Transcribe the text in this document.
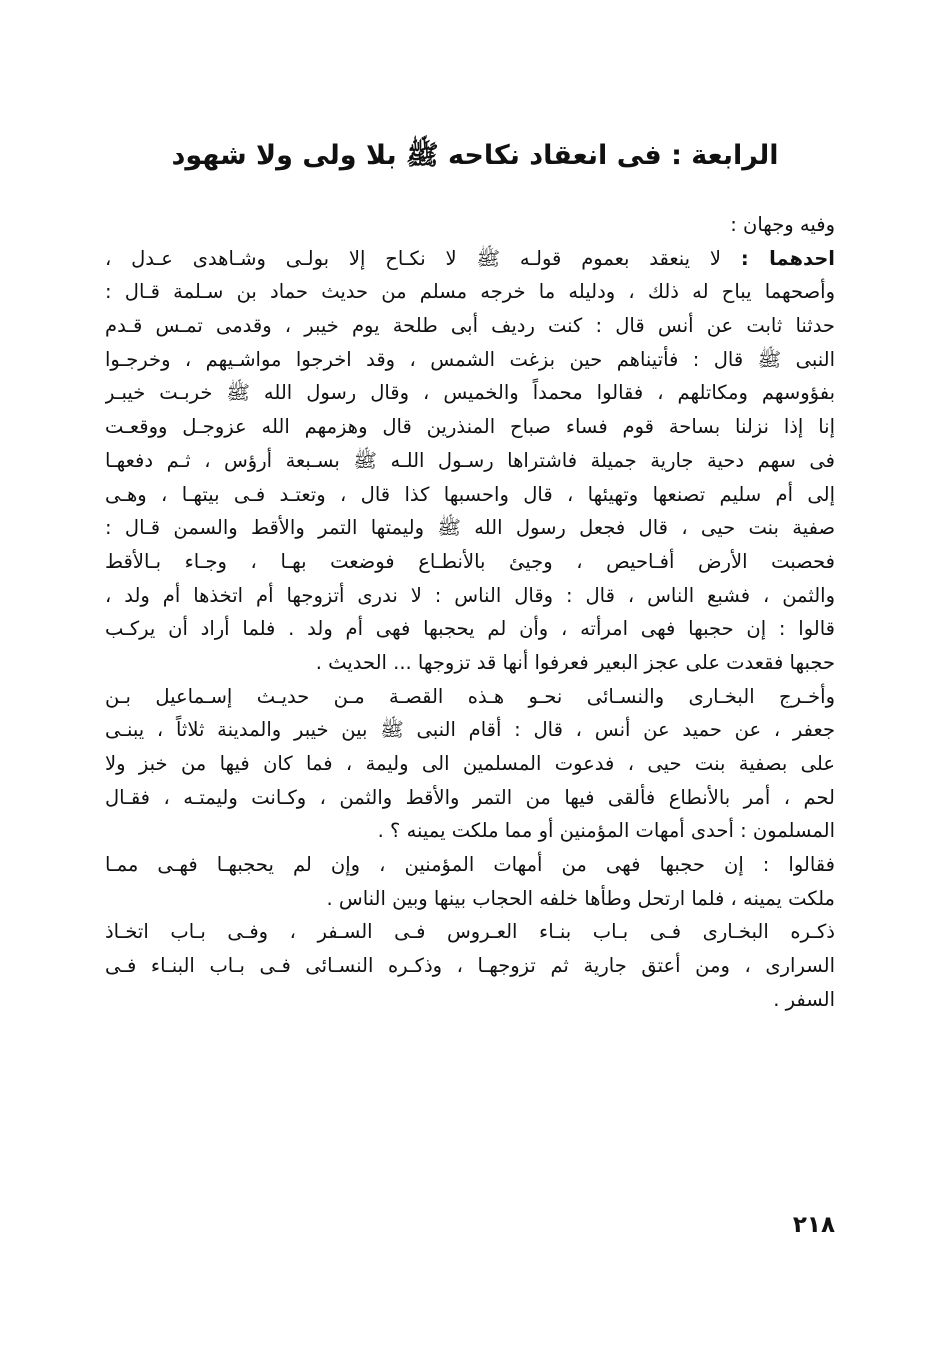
الرابعة : فى انعقاد نكاحه ﷺ بلا ولى ولا شهود
وفيه وجهان :
احدهما : لا ينعقد بعموم قولـه ﷺ لا نكـاح إلا بولـى وشـاهدى عـدل ،
وأصحهما يباح له ذلك ، ودليله ما خرجه مسلم من حديث حماد بن سـلمة قـال :
حدثنا ثابت عن أنس قال : كنت رديف أبى طلحة يوم خيبر ، وقدمى تمـس قـدم
النبى ﷺ قال : فأتيناهم حين بزغت الشمس ، وقد اخرجوا مواشـيهم ، وخرجـوا
بفؤوسهم ومكاتلهم ، فقالوا محمداً والخميس ، وقال رسول الله ﷺ خربـت خيبـر
إنا إذا نزلنا بساحة قوم فساء صباح المنذرين قال وهزمهم الله عزوجـل ووقعـت
فى سهم دحية جارية جميلة فاشتراها رسـول اللـه ﷺ بسـبعة أرؤس ، ثـم دفعهـا
إلى أم سليم تصنعها وتهيئها ، قال واحسبها كذا قال ، وتعتـد فـى بيتهـا ، وهـى
صفية بنت حيى ، قال فجعل رسول الله ﷺ وليمتها التمر والأقط والسمن قـال :
فحصبت الأرض أفـاحيص ، وجيئ بالأنطـاع فوضعت بهـا ، وجـاء بـالأقط
والثمن ، فشبع الناس ، قال : وقال الناس : لا ندرى أتزوجها أم اتخذها أم ولد ،
قالوا : إن حجبها فهى امرأته ، وأن لم يحجبها فهى أم ولد . فلما أراد أن يركـب
حجبها فقعدت على عجز البعير فعرفوا أنها قد تزوجها ... الحديث .
وأخـرج البخـارى والنسـائى نحـو هـذه القصـة مـن حديـث إسـماعيل بـن
جعفر ، عن حميد عن أنس ، قال : أقام النبى ﷺ بين خيبر والمدينة ثلاثاً ، يبنـى
على بصفية بنت حيى ، فدعوت المسلمين الى وليمة ، فما كان فيها من خبز ولا
لحم ، أمر بالأنطاع فألقى فيها من التمر والأقط والثمن ، وكـانت وليمتـه ، فقـال
المسلمون : أحدى أمهات المؤمنين أو مما ملكت يمينه ؟ .
فقالوا : إن حجبها فهى من أمهات المؤمنين ، وإن لم يحجبهـا فهـى ممـا
ملكت يمينه ، فلما ارتحل وطأها خلفه الحجاب بينها وبين الناس .
ذكـره البخـارى فـى بـاب بنـاء العـروس فـى السـفر ، وفـى بـاب اتخـاذ
السرارى ، ومن أعتق جارية ثم تزوجهـا ، وذكـره النسـائى فـى بـاب البنـاء فـى
السفر .
٢١٨
